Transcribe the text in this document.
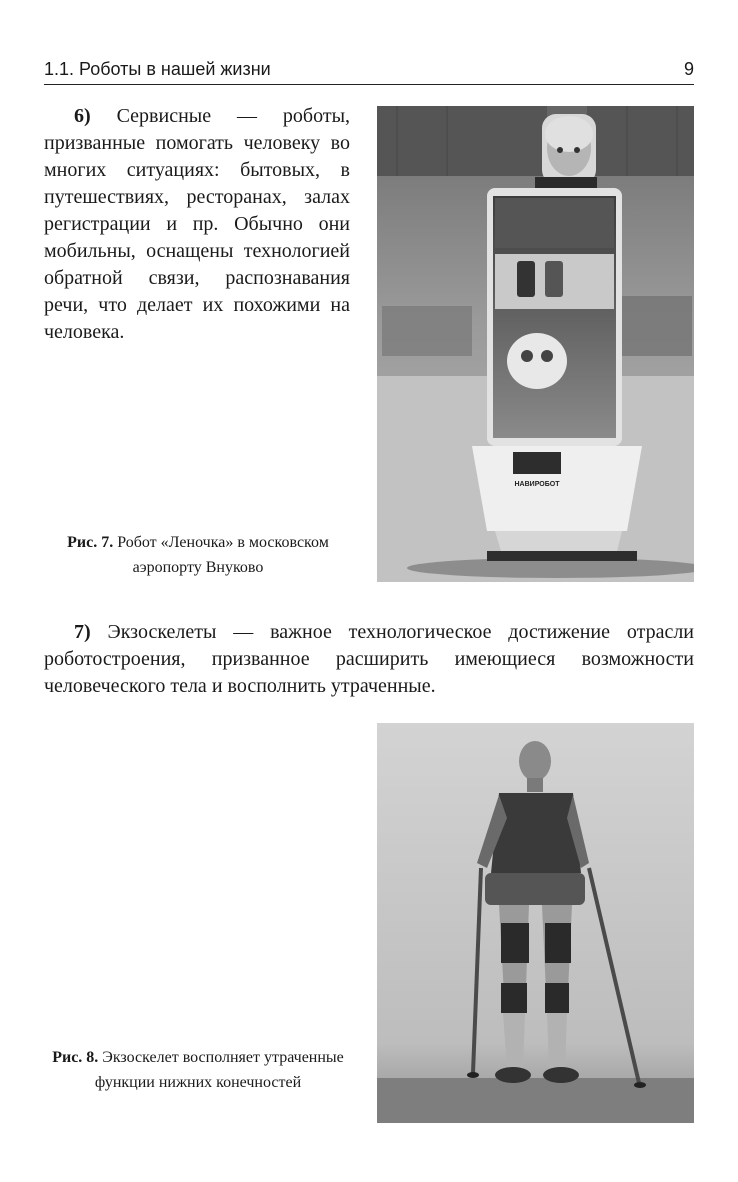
1.1. Роботы в нашей жизни	9

6) Сервисные — роботы, призванные помогать человеку во многих ситуациях: бытовых, в путешествиях, ресторанах, залах регистрации и пр. Обычно они мобильны, оснащены технологией обратной связи, распознавания речи, что делает их похожими на человека.

НАВИРОБОТ

Рис. 7. Робот «Леночка» в московском аэропорту Внуково

7) Экзоскелеты — важное технологическое достижение отрасли роботостроения, призванное расширить имеющиеся возможности человеческого тела и восполнить утраченные.

Рис. 8. Экзоскелет восполняет утраченные функции нижних конечностей
